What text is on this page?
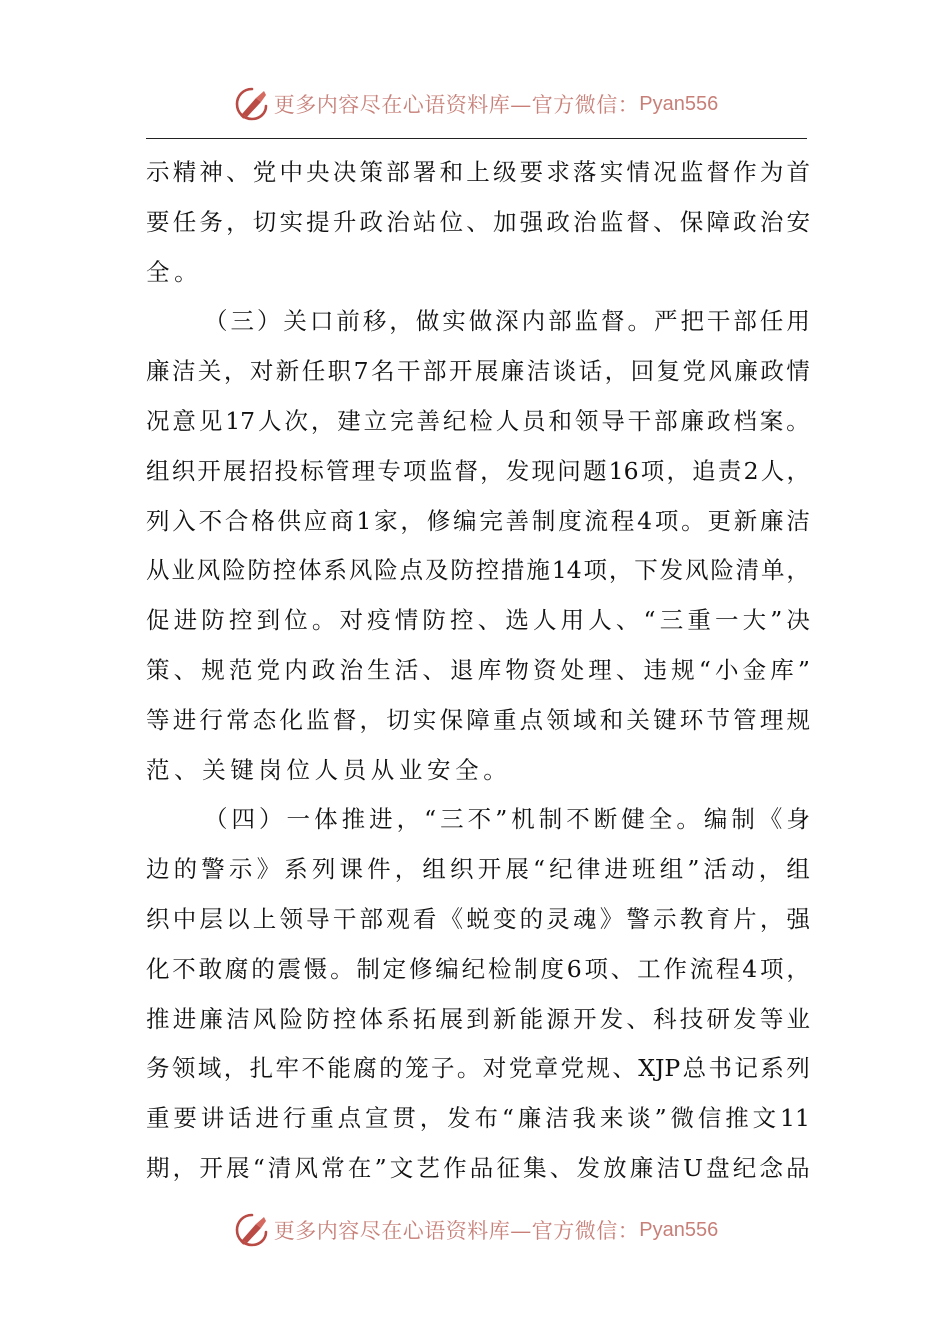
更多内容尽在心语资料库—官方微信： Pyan556
示 精 神 、 党 中 央 决 策 部 署 和 上 级 要 求 落 实 情 况 监 督 作 为 首
要 任 务 ， 切 实 提 升 政 治 站 位 、 加 强 政 治 监 督 、 保 障 政 治 安
全。
（ 三 ） 关 口 前 移 ， 做 实 做 深 内 部 监 督 。 严 把 干 部 任 用
廉 洁 关 ， 对 新 任 职 7 名 干 部 开 展 廉 洁 谈 话 ， 回 复 党 风 廉 政 情
况 意 见 17 人 次 ， 建 立 完 善 纪 检 人 员 和 领 导 干 部 廉 政 档 案 。
组 织 开 展 招 投 标 管 理 专 项 监 督 ， 发 现 问 题 16 项 ， 追 责 2 人 ，
列 入 不 合 格 供 应 商 1 家 ， 修 编 完 善 制 度 流 程 4 项 。 更 新 廉 洁
从 业 风 险 防 控 体 系 风 险 点 及 防 控 措 施 14 项 ， 下 发 风 险 清 单 ，
促 进 防 控 到 位 。 对 疫 情 防 控 、 选 人 用 人 、 “ 三 重 一 大 ” 决
策 、 规 范 党 内 政 治 生 活 、 退 库 物 资 处 理 、 违 规 “ 小 金 库 ”
等 进 行 常 态 化 监 督 ， 切 实 保 障 重 点 领 域 和 关 键 环 节 管 理 规
范、关键岗位人员从业安全。
（ 四 ） 一 体 推 进 ， “ 三 不 ” 机 制 不 断 健 全 。 编 制 《 身
边 的 警 示 》 系 列 课 件 ， 组 织 开 展 “ 纪 律 进 班 组 ” 活 动 ， 组
织 中 层 以 上 领 导 干 部 观 看 《 蜕 变 的 灵 魂 》 警 示 教 育 片 ， 强
化 不 敢 腐 的 震 慑 。 制 定 修 编 纪 检 制 度 6 项 、 工 作 流 程 4 项 ，
推 进 廉 洁 风 险 防 控 体 系 拓 展 到 新 能 源 开 发 、 科 技 研 发 等 业
务 领 域 ， 扎 牢 不 能 腐 的 笼 子 。 对 党 章 党 规 、 XJP 总 书 记 系 列
重 要 讲 话 进 行 重 点 宣 贯 ， 发 布 “ 廉 洁 我 来 谈 ” 微 信 推 文 11
期 ， 开 展 “ 清 风 常 在 ” 文 艺 作 品 征 集 、 发 放 廉 洁 U 盘 纪 念 品
更多内容尽在心语资料库—官方微信： Pyan556
